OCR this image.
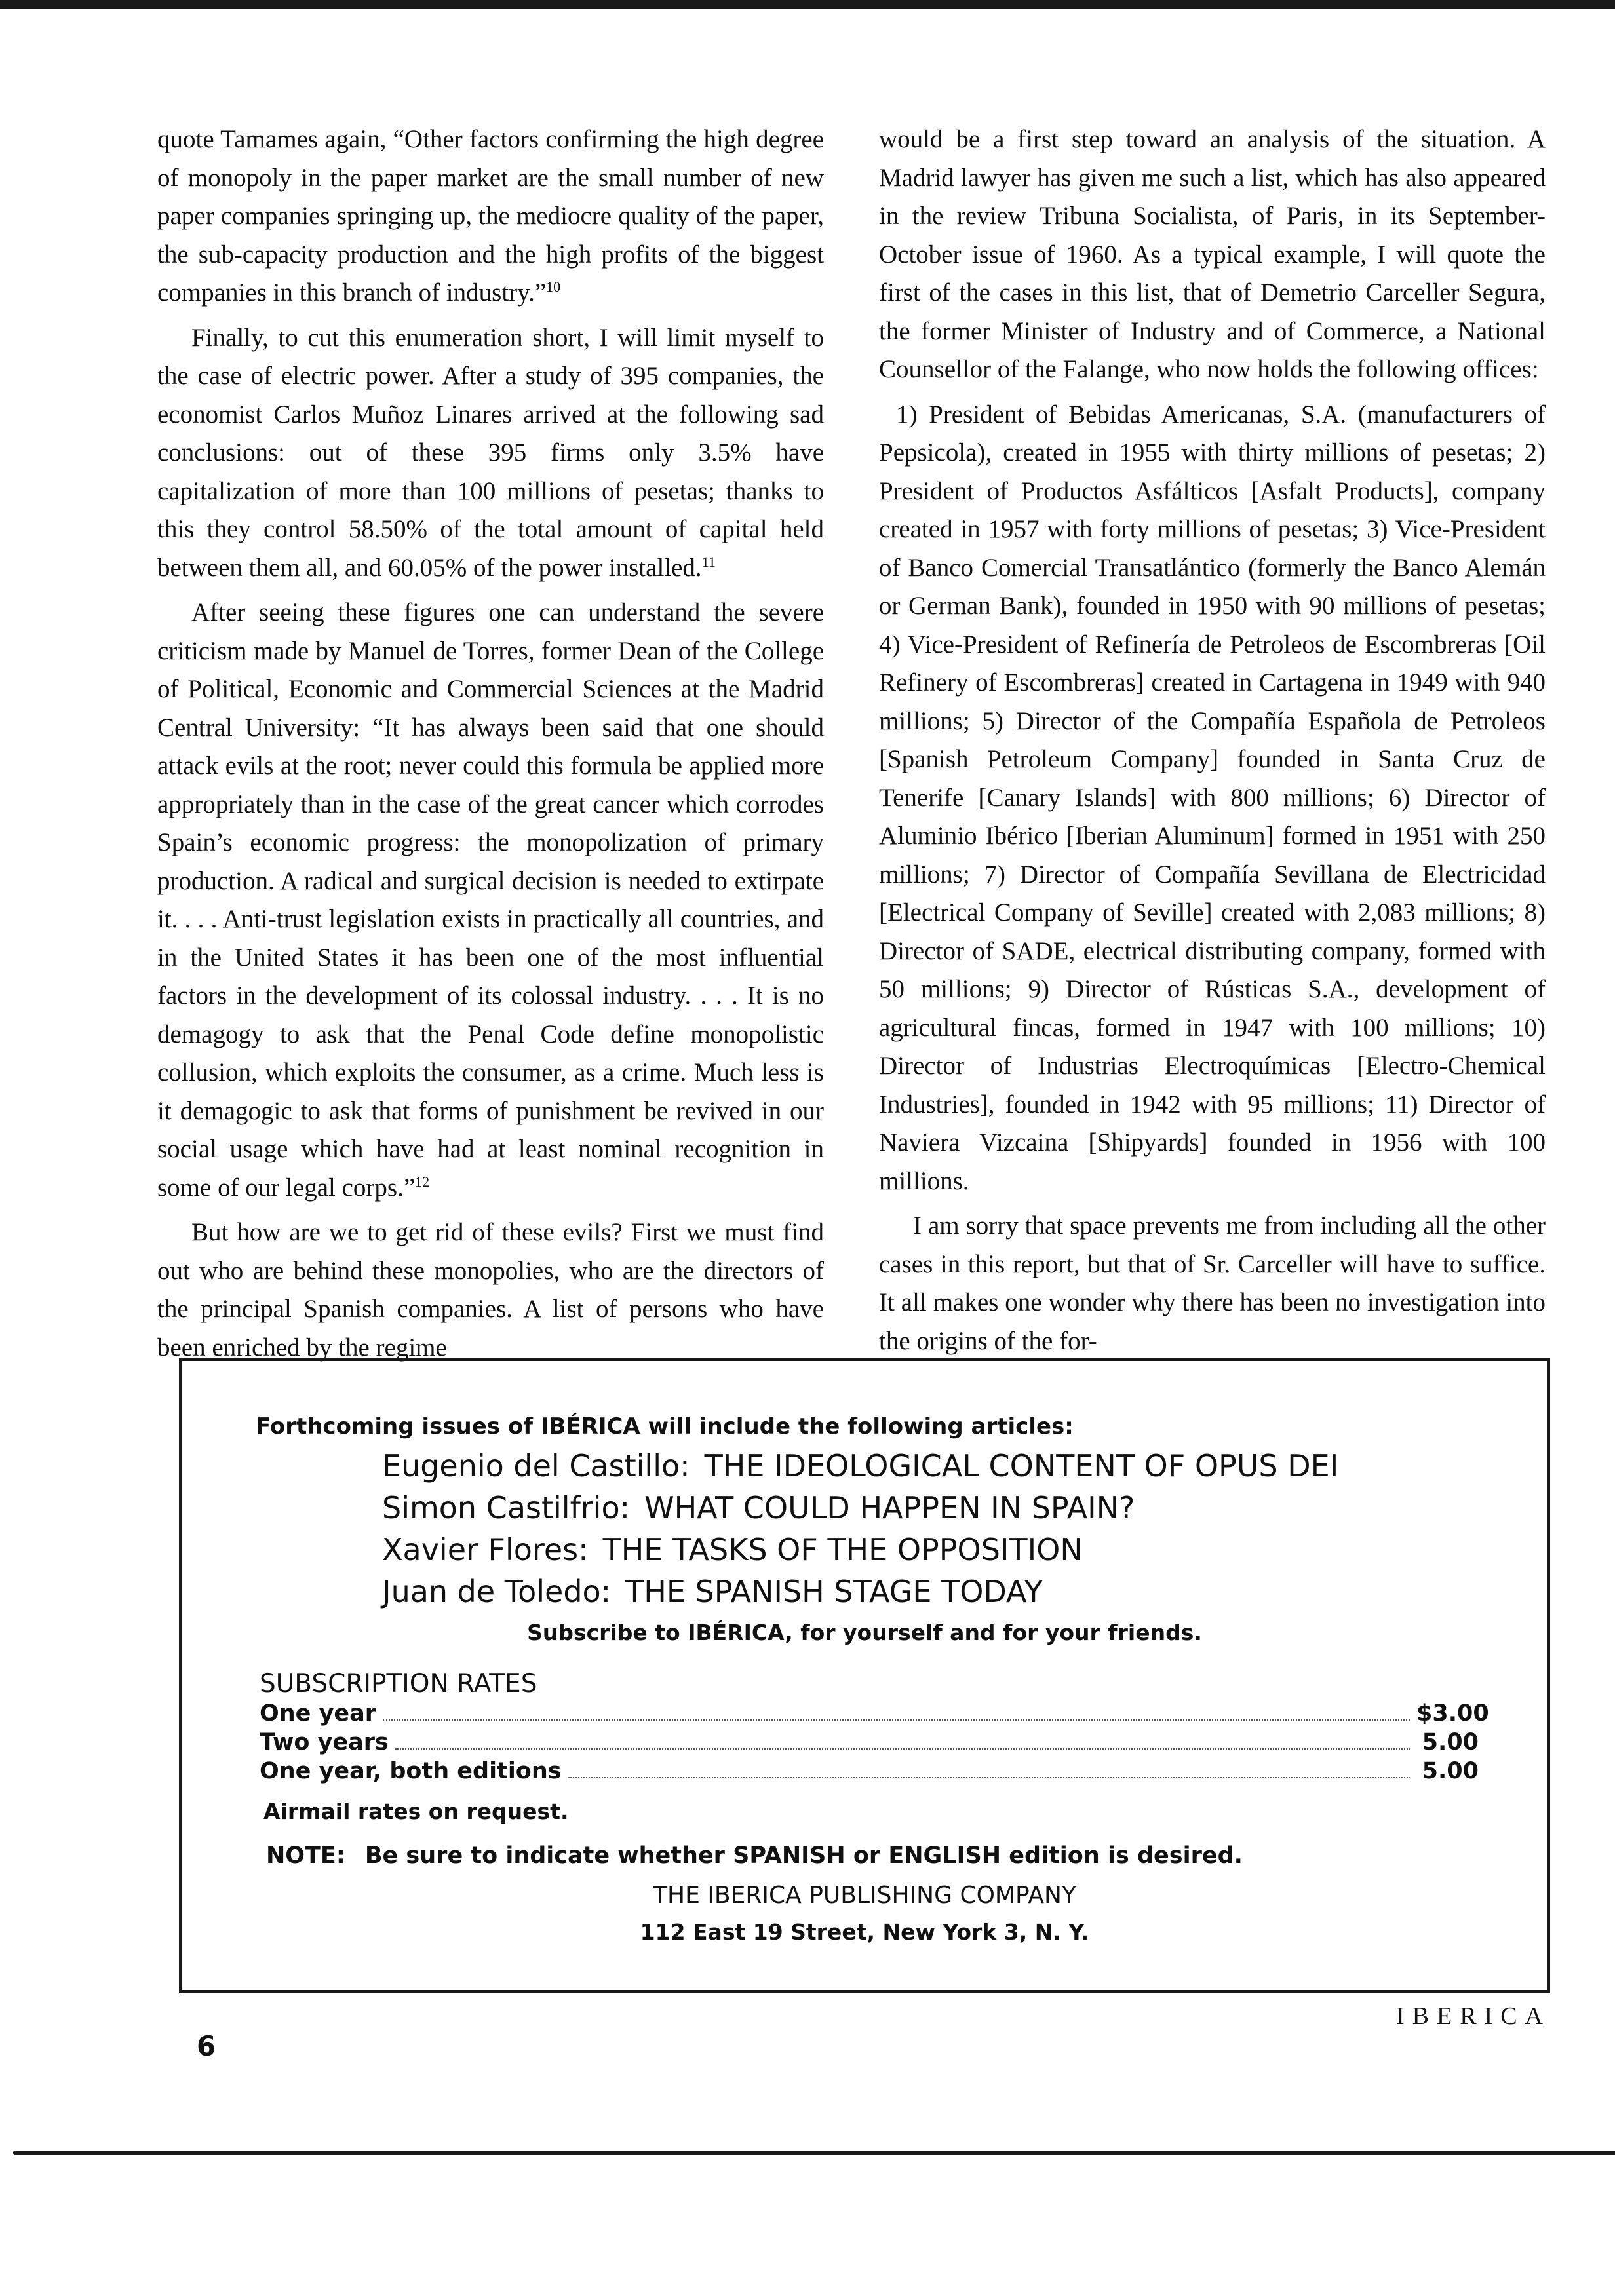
quote Tamames again, “Other factors confirming the high degree of monopoly in the paper market are the small number of new paper companies springing up, the mediocre quality of the paper, the sub-capacity production and the high profits of the biggest companies in this branch of industry.”$^{10}$

Finally, to cut this enumeration short, I will limit myself to the case of electric power. After a study of 395 companies, the economist Carlos Muñoz Linares arrived at the following sad conclusions: out of these 395 firms only 3.5% have capitalization of more than 100 millions of pesetas; thanks to this they control 58.50% of the total amount of capital held between them all, and 60.05% of the power installed.$^{11}$

After seeing these figures one can understand the severe criticism made by Manuel de Torres, former Dean of the College of Political, Economic and Commercial Sciences at the Madrid Central University: “It has always been said that one should attack evils at the root; never could this formula be applied more appropriately than in the case of the great cancer which corrodes Spain’s economic progress: the monopolization of primary production. A radical and surgical decision is needed to extirpate it. . . . Anti-trust legislation exists in practically all countries, and in the United States it has been one of the most influential factors in the development of its colossal industry. . . . It is no demagogy to ask that the Penal Code define monopolistic collusion, which exploits the consumer, as a crime. Much less is it demagogic to ask that forms of punishment be revived in our social usage which have had at least nominal recognition in some of our legal corps.”$^{12}$

But how are we to get rid of these evils? First we must find out who are behind these monopolies, who are the directors of the principal Spanish companies. A list of persons who have been enriched by the regime

would be a first step toward an analysis of the situation. A Madrid lawyer has given me such a list, which has also appeared in the review Tribuna Socialista, of Paris, in its September-October issue of 1960. As a typical example, I will quote the first of the cases in this list, that of Demetrio Carceller Segura, the former Minister of Industry and of Commerce, a National Counsellor of the Falange, who now holds the following offices:

1) President of Bebidas Americanas, S.A. (manufacturers of Pepsicola), created in 1955 with thirty millions of pesetas; 2) President of Productos Asfálticos [Asfalt Products], company created in 1957 with forty millions of pesetas; 3) Vice-President of Banco Comercial Transatlántico (formerly the Banco Alemán or German Bank), founded in 1950 with 90 millions of pesetas; 4) Vice-President of Refinería de Petroleos de Escombreras [Oil Refinery of Escombreras] created in Cartagena in 1949 with 940 millions; 5) Director of the Compañía Española de Petroleos [Spanish Petroleum Company] founded in Santa Cruz de Tenerife [Canary Islands] with 800 millions; 6) Director of Aluminio Ibérico [Iberian Aluminum] formed in 1951 with 250 millions; 7) Director of Compañía Sevillana de Electricidad [Electrical Company of Seville] created with 2,083 millions; 8) Director of SADE, electrical distributing company, formed with 50 millions; 9) Director of Rústicas S.A., development of agricultural fincas, formed in 1947 with 100 millions; 10) Director of Industrias Electroquímicas [Electro-Chemical Industries], founded in 1942 with 95 millions; 11) Director of Naviera Vizcaina [Shipyards] founded in 1956 with 100 millions.

I am sorry that space prevents me from including all the other cases in this report, but that of Sr. Carceller will have to suffice. It all makes one wonder why there has been no investigation into the origins of the for-

Forthcoming issues of IBÉRICA will include the following articles:
Eugenio del Castillo: THE IDEOLOGICAL CONTENT OF OPUS DEI
Simon Castilfrio: WHAT COULD HAPPEN IN SPAIN?
Xavier Flores: THE TASKS OF THE OPPOSITION
Juan de Toledo: THE SPANISH STAGE TODAY
Subscribe to IBÉRICA, for yourself and for your friends.
SUBSCRIPTION RATES
One year	$3.00
Two years	5.00
One year, both editions	5.00
Airmail rates on request.
NOTE: Be sure to indicate whether SPANISH or ENGLISH edition is desired.
THE IBERICA PUBLISHING COMPANY
112 East 19 Street, New York 3, N. Y.
IBERICA
6
